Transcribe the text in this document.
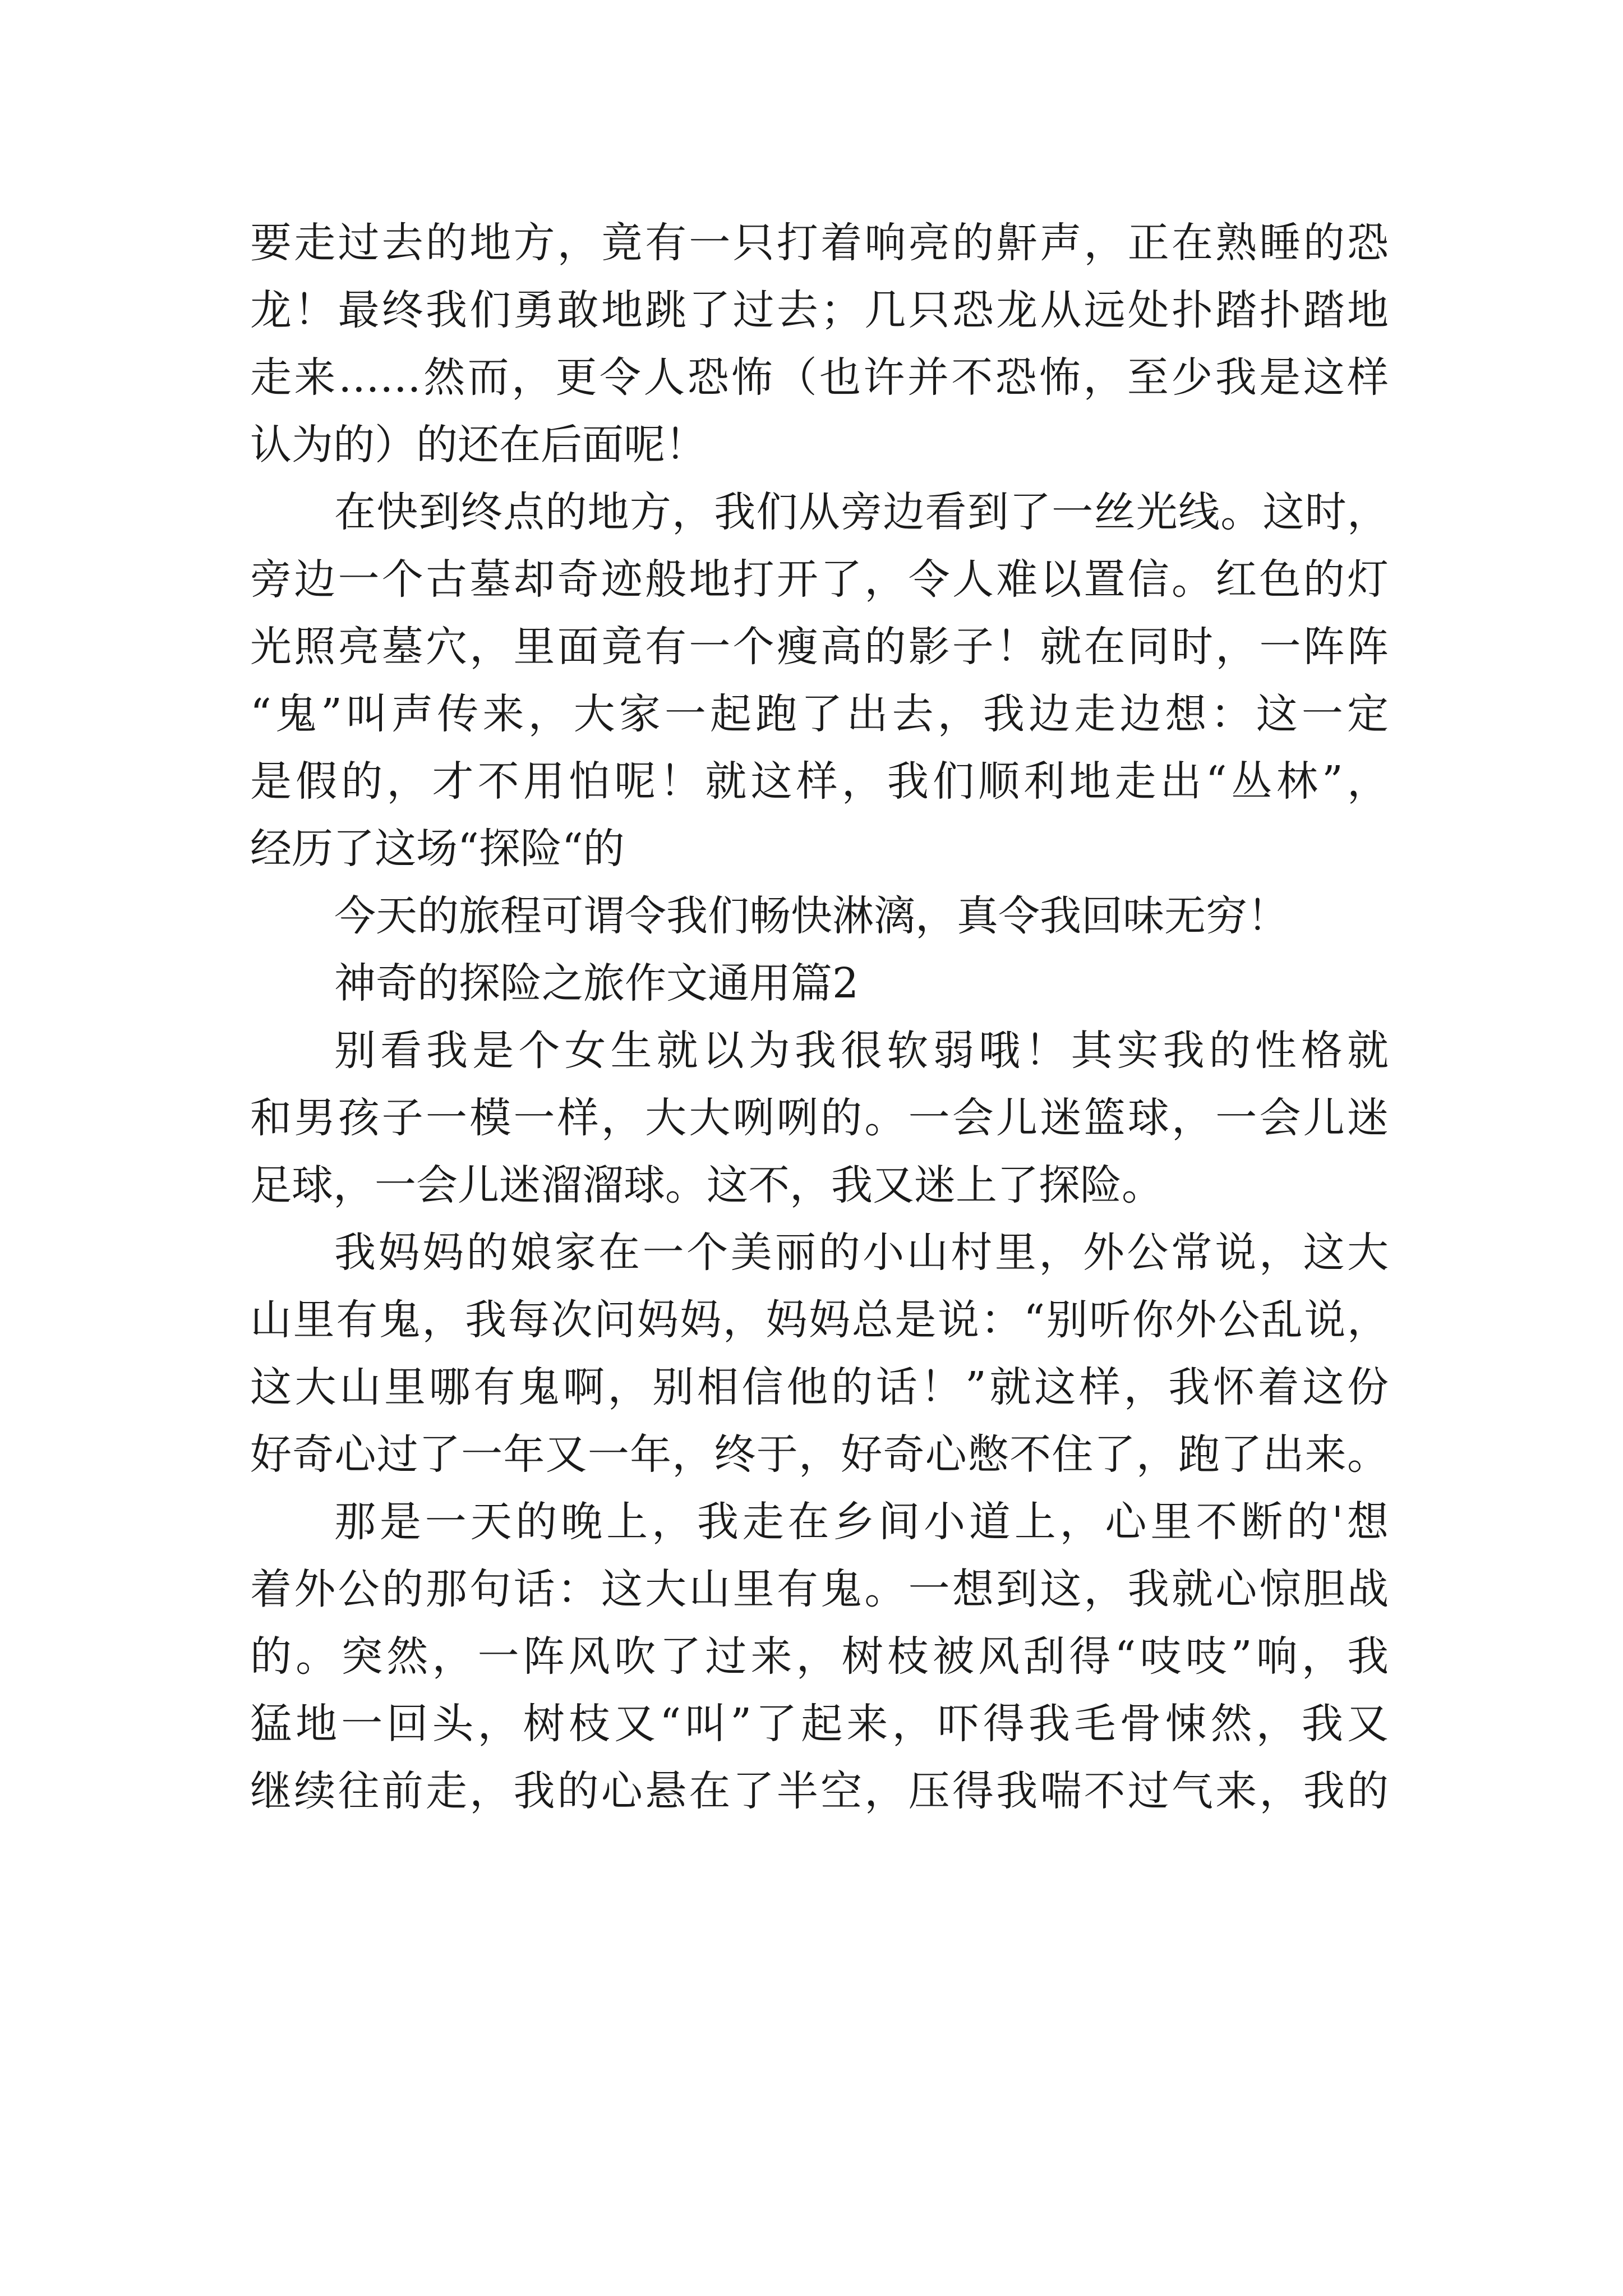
要走过去的地方，竟有一只打着响亮的鼾声，正在熟睡的恐
龙！最终我们勇敢地跳了过去；几只恐龙从远处扑踏扑踏地
走来……然而，更令人恐怖（也许并不恐怖，至少我是这样
认为的）的还在后面呢！
在快到终点的地方，我们从旁边看到了一丝光线。这时，
旁边一个古墓却奇迹般地打开了，令人难以置信。红色的灯
光照亮墓穴，里面竟有一个瘦高的影子！就在同时，一阵阵
“鬼”叫声传来，大家一起跑了出去，我边走边想：这一定
是假的，才不用怕呢！就这样，我们顺利地走出“丛林”，
经历了这场“探险“的
今天的旅程可谓令我们畅快淋漓，真令我回味无穷！
神奇的探险之旅作文通用篇2
别看我是个女生就以为我很软弱哦！其实我的性格就
和男孩子一模一样，大大咧咧的。一会儿迷篮球，一会儿迷
足球，一会儿迷溜溜球。这不，我又迷上了探险。
我妈妈的娘家在一个美丽的小山村里，外公常说，这大
山里有鬼，我每次问妈妈，妈妈总是说：“别听你外公乱说，
这大山里哪有鬼啊，别相信他的话！”就这样，我怀着这份
好奇心过了一年又一年，终于，好奇心憋不住了，跑了出来。
那是一天的晚上，我走在乡间小道上，心里不断的'想
着外公的那句话：这大山里有鬼。一想到这，我就心惊胆战
的。突然，一阵风吹了过来，树枝被风刮得“吱吱”响，我
猛地一回头，树枝又“叫”了起来，吓得我毛骨悚然，我又
继续往前走，我的心悬在了半空，压得我喘不过气来，我的
